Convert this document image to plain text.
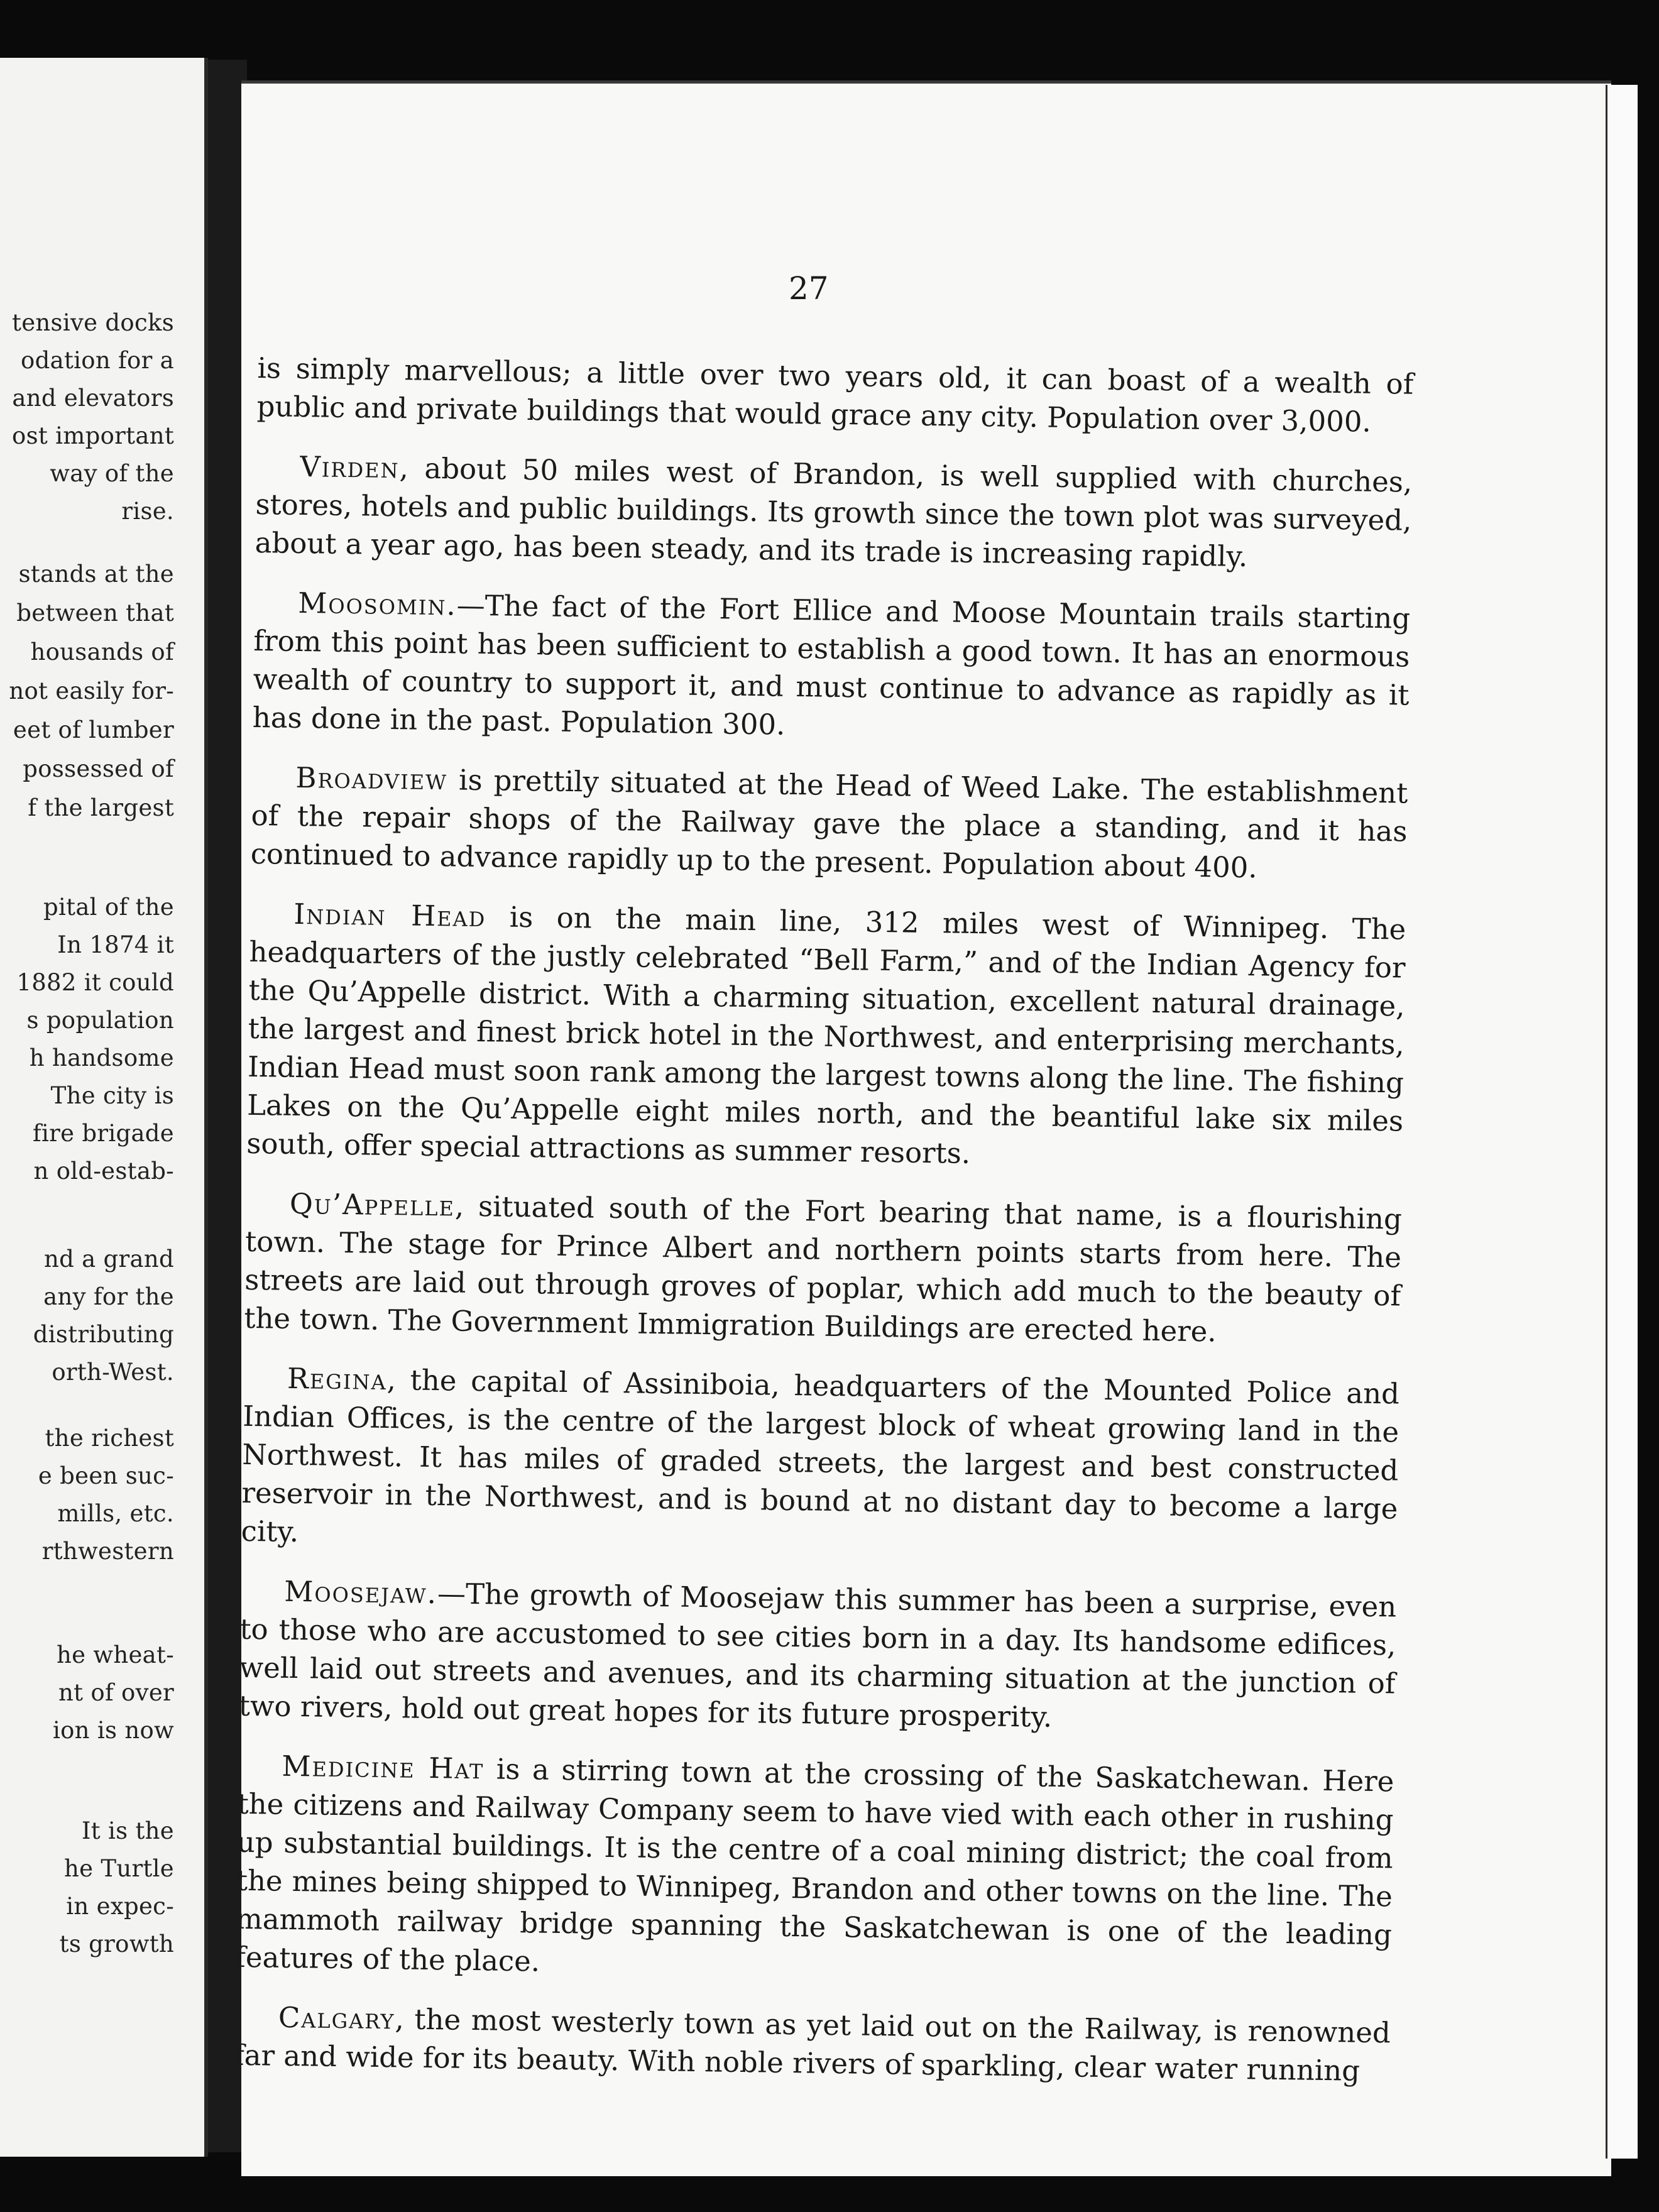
tensive docks
odation for a
and elevators
ost important
way of the
rise.
stands at the
between that
housands of
not easily for-
eet of lumber
possessed of
f the largest
pital of the
In 1874 it
1882 it could
s population
h handsome
The city is
fire brigade
n old-estab-
nd a grand
any for the
distributing
orth-West.
the richest
e been suc-
mills, etc.
rthwestern
he wheat-
nt of over
ion is now
It is the
he Turtle
in expec-
ts growth
27

is simply marvellous; a little over two years old, it can boast of a wealth of public and private buildings that would grace any city. Population over 3,000.

Virden, about 50 miles west of Brandon, is well supplied with churches, stores, hotels and public buildings. Its growth since the town plot was surveyed, about a year ago, has been steady, and its trade is increasing rapidly.

Moosomin.—The fact of the Fort Ellice and Moose Mountain trails starting from this point has been sufficient to establish a good town. It has an enormous wealth of country to support it, and must continue to advance as rapidly as it has done in the past. Population 300.

Broadview is prettily situated at the Head of Weed Lake. The establishment of the repair shops of the Railway gave the place a standing, and it has continued to advance rapidly up to the present. Population about 400.

Indian Head is on the main line, 312 miles west of Winnipeg. The headquarters of the justly celebrated “Bell Farm,” and of the Indian Agency for the Qu’Appelle district. With a charming situation, excellent natural drainage, the largest and finest brick hotel in the Northwest, and enterprising merchants, Indian Head must soon rank among the largest towns along the line. The fishing Lakes on the Qu’Appelle eight miles north, and the beantiful lake six miles south, offer special attractions as summer resorts.

Qu’Appelle, situated south of the Fort bearing that name, is a flourishing town. The stage for Prince Albert and northern points starts from here. The streets are laid out through groves of poplar, which add much to the beauty of the town. The Government Immigration Buildings are erected here.

Regina, the capital of Assiniboia, headquarters of the Mounted Police and Indian Offices, is the centre of the largest block of wheat growing land in the Northwest. It has miles of graded streets, the largest and best constructed reservoir in the Northwest, and is bound at no distant day to become a large city.

Moosejaw.—The growth of Moosejaw this summer has been a surprise, even to those who are accustomed to see cities born in a day. Its handsome edifices, well laid out streets and avenues, and its charming situation at the junction of two rivers, hold out great hopes for its future prosperity.

Medicine Hat is a stirring town at the crossing of the Saskatchewan. Here the citizens and Railway Company seem to have vied with each other in rushing up substantial buildings. It is the centre of a coal mining district; the coal from the mines being shipped to Winnipeg, Brandon and other towns on the line. The mammoth railway bridge spanning the Saskatchewan is one of the leading features of the place.

Calgary, the most westerly town as yet laid out on the Railway, is renowned far and wide for its beauty. With noble rivers of sparkling, clear water running
